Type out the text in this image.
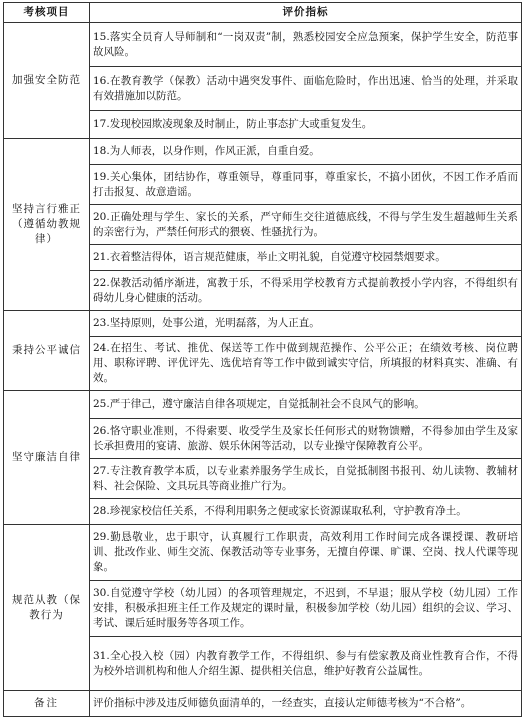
考核项目	评价指标
加强安全防范	15.落实全员育人导师制和“一岗双责”制，熟悉校园安全应急预案，保护学生安全，防范事故风险。
	16.在教育教学（保教）活动中遇突发事件、面临危险时，作出迅速、恰当的处理，并采取有效措施加以防范。
	17.发现校园欺凌现象及时制止，防止事态扩大或重复发生。
坚持言行雅正（遵循幼教规律）	18.为人师表，以身作则，作风正派，自重自爱。
	19.关心集体，团结协作，尊重领导，尊重同事，尊重家长，不搞小团伙，不因工作矛盾而打击报复、故意造谣。
	20.正确处理与学生、家长的关系，严守师生交往道德底线，不得与学生发生超越师生关系的亲密行为，严禁任何形式的猥亵、性骚扰行为。
	21.衣着整洁得体，语言规范健康，举止文明礼貌，自觉遵守校园禁烟要求。
	22.保教活动循序渐进，寓教于乐，不得采用学校教育方式提前教授小学内容，不得组织有碍幼儿身心健康的活动。
秉持公平诚信	23.坚持原则，处事公道，光明磊落，为人正直。
	24.在招生、考试、推优、保送等工作中做到规范操作、公平公正；在绩效考核、岗位聘用、职称评聘、评优评先、选优培育等工作中做到诚实守信，所填报的材料真实、准确、有效。
坚守廉洁自律	25.严于律己，遵守廉洁自律各项规定，自觉抵制社会不良风气的影响。
	26.恪守职业准则，不得索要、收受学生及家长任何形式的财物馈赠，不得参加由学生及家长承担费用的宴请、旅游、娱乐休闲等活动，以专业操守保障教育公平。
	27.专注教育教学本质，以专业素养服务学生成长，自觉抵制图书报刊、幼儿读物、教辅材料、社会保险、文具玩具等商业推广行为。
	28.珍视家校信任关系，不得利用职务之便或家长资源谋取私利，守护教育净土。
规范从教（保教行为	29.勤恳敬业，忠于职守，认真履行工作职责，高效利用工作时间完成各课授课、教研培训、批改作业、师生交流、保教活动等专业事务，无擅自停课、旷课、空岗、找人代课等现象。
	30.自觉遵守学校（幼儿园）的各项管理规定，不迟到，不早退；服从学校（幼儿园）工作安排，积极承担班主任工作及规定的课时量，积极参加学校（幼儿园）组织的会议、学习、考试、课后延时服务等各项工作。
	31.全心投入校（园）内教育教学工作，不得组织、参与有偿家教及商业性教育合作，不得为校外培训机构和他人介绍生源、提供相关信息，维护好教育公益属性。
备注	评价指标中涉及违反师德负面清单的，一经查实，直接认定师德考核为“不合格”。
